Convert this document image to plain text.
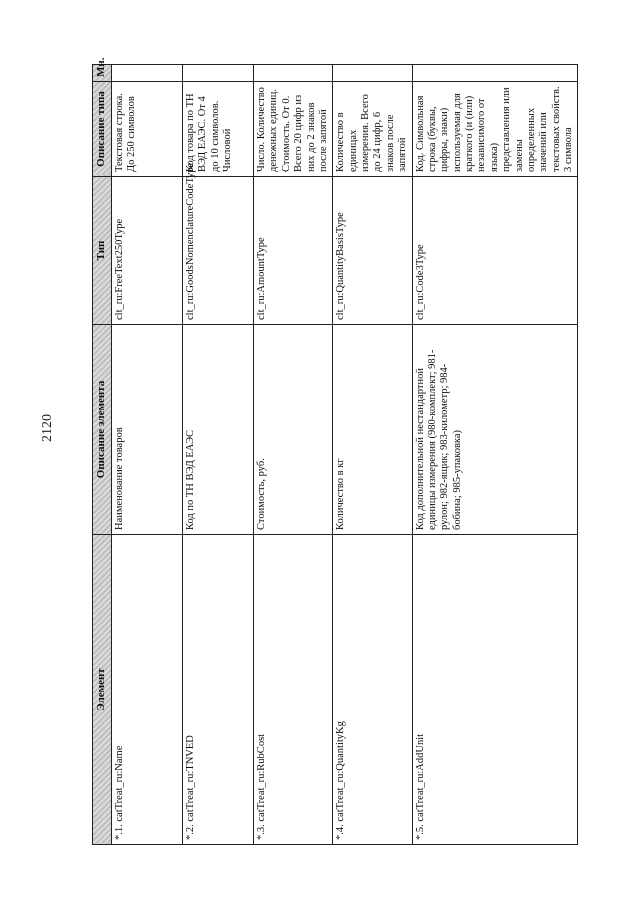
2120
Элемент	Описание элемента	Тип	Описание типа	Мн.
*.1. catTreat_ru:Name	Наименование товаров	clt_ru:FreeText250Type	Текстовая строка. До 250 символов	
*.2. catTreat_ru:TNVED	Код по ТН ВЭД ЕАЭС	clt_ru:GoodsNomenclatureCodeType	Код товара по ТН ВЭД ЕАЭС. От 4 до 10 символов. Числовой	
*.3. catTreat_ru:RubCost	Стоимость, руб.	clt_ru:AmountType	Число. Количество денежных единиц. Стоимость. От 0. Всего 20 цифр из них до 2 знаков после запятой	
*.4. catTreat_ru:QuantityKg	Количество в кг	clt_ru:QuantityBasisType	Количество в единицах измерения. Всего до 24 цифр, 6 знаков после запятой	
*.5. catTreat_ru:AddUnit	Код дополнительной нестандартной единицы измерения (980-комплект; 981-рулон; 982-ящик; 983-километр; 984-бобина; 985-упаковка)	clt_ru:Code3Type	Код. Символьная строка (буквы, цифры, знаки) используемая для краткого (и (или) независимого от языка) представления или замены определенных значений или текстовых свойств. 3 символа	
